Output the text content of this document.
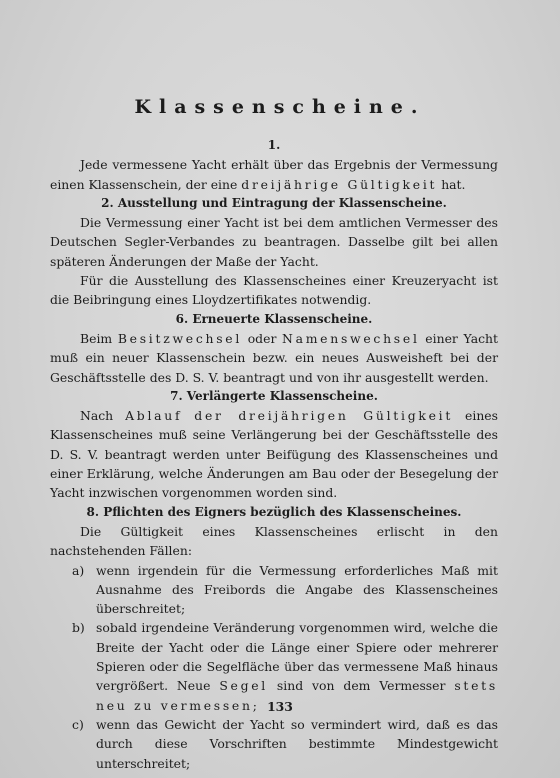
Klassenscheine.

1.

Jede vermessene Yacht erhält über das Ergebnis der Vermessung einen Klassenschein, der eine dreijährige Gültigkeit hat.

2. Ausstellung und Eintragung der Klassenscheine.

Die Vermessung einer Yacht ist bei dem amtlichen Vermesser des Deutschen Segler-Verbandes zu beantragen. Dasselbe gilt bei allen späteren Änderungen der Maße der Yacht.

Für die Ausstellung des Klassenscheines einer Kreuzeryacht ist die Beibringung eines Lloydzertifikates notwendig.

6. Erneuerte Klassenscheine.

Beim Besitzwechsel oder Namenswechsel einer Yacht muß ein neuer Klassenschein bezw. ein neues Ausweisheft bei der Geschäftsstelle des D. S. V. beantragt und von ihr ausgestellt werden.

7. Verlängerte Klassenscheine.

Nach Ablauf der dreijährigen Gültigkeit eines Klassenscheines muß seine Verlängerung bei der Geschäftsstelle des D. S. V. beantragt werden unter Beifügung des Klassenscheines und einer Erklärung, welche Änderungen am Bau oder der Besegelung der Yacht inzwischen vorgenommen worden sind.

8. Pflichten des Eigners bezüglich des Klassenscheines.

Die Gültigkeit eines Klassenscheines erlischt in den nachstehenden Fällen:

a) wenn irgendein für die Vermessung erforderliches Maß mit Ausnahme des Freibords die Angabe des Klassenscheines überschreitet;
b) sobald irgendeine Veränderung vorgenommen wird, welche die Breite der Yacht oder die Länge einer Spiere oder mehrerer Spieren oder die Segelfläche über das vermessene Maß hinaus vergrößert. Neue Segel sind von dem Vermesser stets neu zu vermessen;
c) wenn das Gewicht der Yacht so vermindert wird, daß es das durch diese Vorschriften bestimmte Mindestgewicht unterschreitet;
133
